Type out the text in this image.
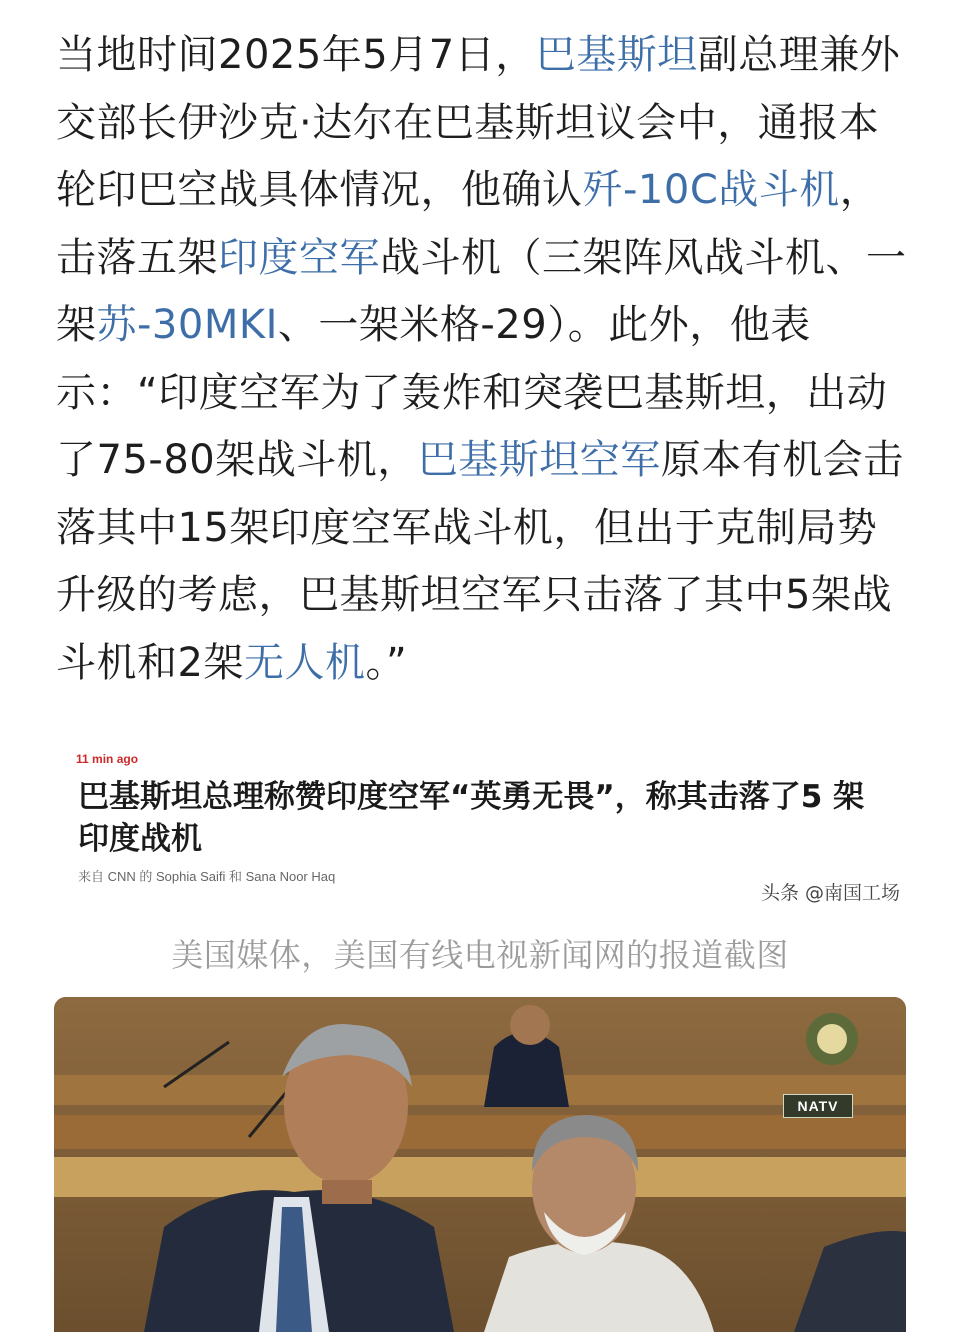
当地时间2025年5月7日，巴基斯坦副总理兼外交部长伊沙克·达尔在巴基斯坦议会中，通报本轮印巴空战具体情况，他确认歼-10C战斗机，击落五架印度空军战斗机（三架阵风战斗机、一架苏-30MKI、一架米格-29）。此外，他表示：“印度空军为了轰炸和突袭巴基斯坦，出动了75-80架战斗机，巴基斯坦空军原本有机会击落其中15架印度空军战斗机，但出于克制局势升级的考虑，巴基斯坦空军只击落了其中5架战斗机和2架无人机。”
11 min ago
巴基斯坦总理称赞印度空军“英勇无畏”，称其击落了5 架印度战机
来自 CNN 的 Sophia Saifi 和 Sana Noor Haq
头条 @南国工场
美国媒体，美国有线电视新闻网的报道截图
NATV
